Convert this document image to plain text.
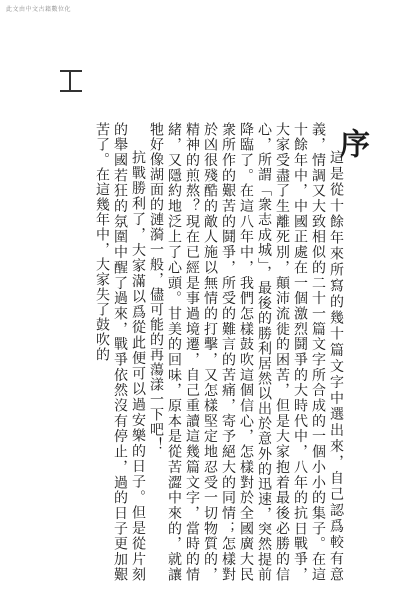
此文由中文古籍數位化
序

這是從十餘年來所寫的幾十篇文字中選出來，自己認爲較有意義，情調又大致相似的二十一篇文字所合成的一個小小的集子。在這十餘年中，中國正處在一個激烈鬪爭的大時代中，八年的抗日戰爭，大家受盡了生離死別，顛沛流徙的困苦，但是大家抱着最後必勝的信心，所謂「衆志成城」，最後的勝利居然以出於意外的迅速，突然提前降臨了。在這八年中，我們怎樣鼓吹這個信心，怎樣對於全國廣大民衆所作的艱苦的鬪爭，所受的難言的苦痛，寄予絕大的同情；怎樣對於凶很殘酷的敵人施以無情的打擊，又怎樣堅定地忍受一切物質的，精神的煎熬？現在已經是事過境遷，自己重讀這幾篇文字，當時的情緒，又隱約地泛上了心頭。甘美的回味，原本是從苦澀中來的，就讓牠好像湖面的漣漪一般，儘可能的再蕩漾一下吧！

抗戰勝利了，大家滿以爲從此便可以過安樂的日子。但是從片刻的舉國若狂的氛圍中醒了過來，戰爭依然沒有停止，過的日子更加艱苦了。在這幾年中，大家失了鼓吹的
